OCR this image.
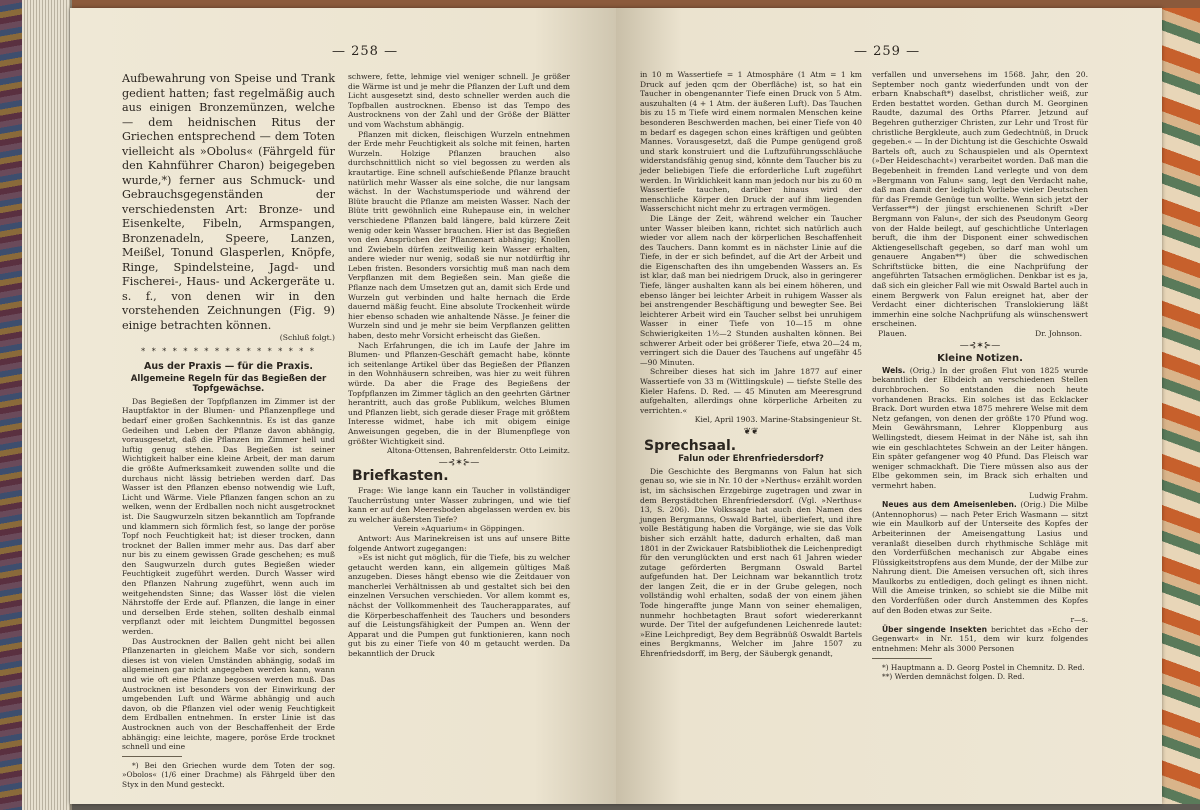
— 258 —

Aufbewahrung von Speise und Trank gedient hatten; fast regelmäßig auch aus einigen Bronzemünzen, welche — dem heidnischen Ritus der Griechen entsprechend — dem Toten vielleicht als »Obolus« (Fährgeld für den Kahnführer Charon) beigegeben wurde,*) ferner aus Schmuck- und Gebrauchsgegenständen der verschiedensten Art: Bronze- und Eisenkelte, Fibeln, Armspangen, Bronzenadeln, Speere, Lanzen, Meißel, Tonund Glasperlen, Knöpfe, Ringe, Spindelsteine, Jagd- und Fischerei-, Haus- und Ackergeräte u. s. f., von denen wir in den vorstehenden Zeichnungen (Fig. 9) einige betrachten können.

(Schluß folgt.)
* * * * * * * * * * * * * * * * *
Aus der Praxis — für die Praxis.
Allgemeine Regeln für das Begießen der Topfgewächse.

Das Begießen der Topfpflanzen im Zimmer ist der Hauptfaktor in der Blumen- und Pflanzenpflege und bedarf einer großen Sachkenntnis. Es ist das ganze Gedeihen und Leben der Pflanze davon abhängig, vorausgesetzt, daß die Pflanzen im Zimmer hell und luftig genug stehen. Das Begießen ist seiner Wichtigkeit halber eine kleine Arbeit, der man darum die größte Aufmerksamkeit zuwenden sollte und die durchaus nicht lässig betrieben werden darf. Das Wasser ist den Pflanzen ebenso notwendig wie Luft, Licht und Wärme. Viele Pflanzen fangen schon an zu welken, wenn der Erdballen noch nicht ausgetrocknet ist. Die Saugwurzeln sitzen bekanntlich am Topfrande und klammern sich förmlich fest, so lange der poröse Topf noch Feuchtigkeit hat; ist dieser trocken, dann trocknet der Ballen immer mehr aus. Das darf aber nur bis zu einem gewissen Grade geschehen; es muß den Saugwurzeln durch gutes Begießen wieder Feuchtigkeit zugeführt werden. Durch Wasser wird den Pflanzen Nahrung zugeführt, wenn auch im weitgehendsten Sinne; das Wasser löst die vielen Nährstoffe der Erde auf. Pflanzen, die lange in einer und derselben Erde stehen, sollten deshalb einmal verpflanzt oder mit leichtem Dungmittel begossen werden.

Das Austrocknen der Ballen geht nicht bei allen Pflanzenarten in gleichem Maße vor sich, sondern dieses ist von vielen Umständen abhängig, sodaß im allgemeinen gar nicht angegeben werden kann, wann und wie oft eine Pflanze begossen werden muß. Das Austrocknen ist besonders von der Einwirkung der umgebenden Luft und Wärme abhängig und auch davon, ob die Pflanzen viel oder wenig Feuchtigkeit dem Erdballen entnehmen. In erster Linie ist das Austrocknen auch von der Beschaffenheit der Erde abhängig: eine leichte, magere, poröse Erde trocknet schnell und eine

*) Bei den Griechen wurde dem Toten der sog. »Obolos« (1/6 einer Drachme) als Fährgeld über den Styx in den Mund gesteckt.

schwere, fette, lehmige viel weniger schnell. Je größer die Wärme ist und je mehr die Pflanzen der Luft und dem Licht ausgesetzt sind, desto schneller werden auch die Topfballen austrocknen. Ebenso ist das Tempo des Austrocknens von der Zahl und der Größe der Blätter und vom Wachstum abhängig.

Pflanzen mit dicken, fleischigen Wurzeln entnehmen der Erde mehr Feuchtigkeit als solche mit feinen, harten Wurzeln. Holzige Pflanzen brauchen also durchschnittlich nicht so viel begossen zu werden als krautartige. Eine schnell aufschießende Pflanze braucht natürlich mehr Wasser als eine solche, die nur langsam wächst. In der Wachstumsperiode und während der Blüte braucht die Pflanze am meisten Wasser. Nach der Blüte tritt gewöhnlich eine Ruhepause ein, in welcher verschiedene Pflanzen bald längere, bald kürzere Zeit wenig oder kein Wasser brauchen. Hier ist das Begießen von den Ansprüchen der Pflanzenart abhängig; Knollen und Zwiebeln dürfen zeitweilig kein Wasser erhalten, andere wieder nur wenig, sodaß sie nur notdürftig ihr Leben fristen. Besonders vorsichtig muß man nach dem Verpflanzen mit dem Begießen sein. Man gieße die Pflanze nach dem Umsetzen gut an, damit sich Erde und Wurzeln gut verbinden und halte hernach die Erde dauernd mäßig feucht. Eine absolute Trockenheit würde hier ebenso schaden wie anhaltende Nässe. Je feiner die Wurzeln sind und je mehr sie beim Verpflanzen gelitten haben, desto mehr Vorsicht erheischt das Gießen.

Nach Erfahrungen, die ich im Laufe der Jahre im Blumen- und Pflanzen-Geschäft gemacht habe, könnte ich seitenlange Artikel über das Begießen der Pflanzen in den Wohnhäusern schreiben, was hier zu weit führen würde. Da aber die Frage des Begießens der Topfpflanzen im Zimmer täglich an den geehrten Gärtner herantritt, auch das große Publikum, welches Blumen und Pflanzen liebt, sich gerade dieser Frage mit größtem Interesse widmet, habe ich mit obigem einige Anweisungen gegeben, die in der Blumenpflege von größter Wichtigkeit sind.

Altona-Ottensen, Bahrenfelderstr. Otto Leimitz.
—⊰✶⊱—
Briefkasten.

Frage: Wie lange kann ein Taucher in vollständiger Taucherrüstung unter Wasser zubringen, und wie tief kann er auf den Meeresboden abgelassen werden ev. bis zu welcher äußersten Tiefe?

Verein »Aquarium« in Göppingen.

Antwort: Aus Marinekreisen ist uns auf unsere Bitte folgende Antwort zugegangen:

»Es ist nicht gut möglich, für die Tiefe, bis zu welcher getaucht werden kann, ein allgemein gültiges Maß anzugeben. Dieses hängt ebenso wie die Zeitdauer von mancherlei Verhältnissen ab und gestaltet sich bei den einzelnen Versuchen verschieden. Vor allem kommt es, nächst der Vollkommenheit des Taucherapparates, auf die Körperbeschaffenheit des Tauchers und besonders auf die Leistungsfähigkeit der Pumpen an. Wenn der Apparat und die Pumpen gut funktionieren, kann noch gut bis zu einer Tiefe von 40 m getaucht werden. Da bekanntlich der Druck

— 259 —

in 10 m Wassertiefe = 1 Atmosphäre (1 Atm = 1 km Druck auf jeden qcm der Oberfläche) ist, so hat ein Taucher in obengenannter Tiefe einen Druck von 5 Atm. auszuhalten (4 + 1 Atm. der äußeren Luft). Das Tauchen bis zu 15 m Tiefe wird einem normalen Menschen keine besonderen Beschwerden machen, bei einer Tiefe von 40 m bedarf es dagegen schon eines kräftigen und geübten Mannes. Vorausgesetzt, daß die Pumpe genügend groß und stark konstruiert und die Luftzuführungsschläuche widerstandsfähig genug sind, könnte dem Taucher bis zu jeder beliebigen Tiefe die erforderliche Luft zugeführt werden. In Wirklichkeit kann man jedoch nur bis zu 60 m Wassertiefe tauchen, darüber hinaus wird der menschliche Körper den Druck der auf ihm liegenden Wasserschicht nicht mehr zu ertragen vermögen.

Die Länge der Zeit, während welcher ein Taucher unter Wasser bleiben kann, richtet sich natürlich auch wieder vor allem nach der körperlichen Beschaffenheit des Tauchers. Dann kommt es in nächster Linie auf die Tiefe, in der er sich befindet, auf die Art der Arbeit und die Eigenschaften des ihn umgebenden Wassers an. Es ist klar, daß man bei niedrigem Druck, also in geringerer Tiefe, länger aushalten kann als bei einem höheren, und ebenso länger bei leichter Arbeit in ruhigem Wasser als bei anstrengender Beschäftigung und bewegter See. Bei leichterer Arbeit wird ein Taucher selbst bei unruhigem Wasser in einer Tiefe von 10—15 m ohne Schwierigkeiten 1½—2 Stunden aushalten können. Bei schwerer Arbeit oder bei größerer Tiefe, etwa 20—24 m, verringert sich die Dauer des Tauchens auf ungefähr 45—90 Minuten.

Schreiber dieses hat sich im Jahre 1877 auf einer Wassertiefe von 33 m (Wittlingskule) — tiefste Stelle des Kieler Hafens. D. Red. — 45 Minuten am Meeresgrund aufgehalten, allerdings ohne körperliche Arbeiten zu verrichten.«

Kiel, April 1903. Marine-Stabsingenieur St.
❦❦
Sprechsaal.
Falun oder Ehrenfriedersdorf?

Die Geschichte des Bergmanns von Falun hat sich genau so, wie sie in Nr. 10 der »Nerthus« erzählt worden ist, im sächsischen Erzgebirge zugetragen und zwar in dem Bergstädtchen Ehrenfriedersdorf. (Vgl. »Nerthus« 13, S. 206). Die Volkssage hat auch den Namen des jungen Bergmanns, Oswald Bartel, überliefert, und ihre volle Bestätigung haben die Vorgänge, wie sie das Volk bisher sich erzählt hatte, dadurch erhalten, daß man 1801 in der Zwickauer Ratsbibliothek die Leichenpredigt für den verunglückten und erst nach 61 Jahren wieder zutage geförderten Bergmann Oswald Bartel aufgefunden hat. Der Leichnam war bekanntlich trotz der langen Zeit, die er in der Grube gelegen, noch vollständig wohl erhalten, sodaß der von einem jähen Tode hingeraffte junge Mann von seiner ehemaligen, nunmehr hochbetagten Braut sofort wiedererkannt wurde. Der Titel der aufgefundenen Leichenrede lautet: »Eine Leichpredigt, Bey dem Begräbnüß Oswaldt Bartels eines Bergkmanns, Welcher im Jahre 1507 zu Ehrenfriedsdorff, im Berg, der Säubergk genandt,

verfallen und unversehens im 1568. Jahr, den 20. September noch gantz wiederfunden undt von der erbarn Knabschaft*) daselbst, christlicher weiß, zur Erden bestattet worden. Gethan durch M. Georginen Raudte, dazumal des Orths Pfarrer. Jetzund auf Begehren gutherziger Christen, zur Lehr und Trost für christliche Bergkleute, auch zum Gedechtnüß, in Druck gegeben.« — In der Dichtung ist die Geschichte Oswald Bartels oft, auch zu Schauspielen und als Operntext (»Der Heideschacht«) verarbeitet worden. Daß man die Begebenheit in fremden Land verlegte und von dem »Bergmann von Falun« sang, legt den Verdacht nahe, daß man damit der lediglich Vorliebe vieler Deutschen für das Fremde Genüge tun wollte. Wenn sich jetzt der Verfasser**) der jüngst erschienenen Schrift »Der Bergmann von Falun«, der sich des Pseudonym Georg von der Halde beilegt, auf geschichtliche Unterlagen beruft, die ihm der Disponent einer schwedischen Aktiengesellschaft gegeben, so darf man wohl um genauere Angaben**) über die schwedischen Schriftstücke bitten, die eine Nachprüfung der angeführten Tatsachen ermöglichen. Denkbar ist es ja, daß sich ein gleicher Fall wie mit Oswald Bartel auch in einem Bergwerk von Falun ereignet hat, aber der Verdacht einer dichterischen Translokierung läßt immerhin eine solche Nachprüfung als wünschenswert erscheinen.

Plauen.	Dr. Johnson.
—⊰✶⊱—
Kleine Notizen.

Wels. (Orig.) In der großen Flut von 1825 wurde bekanntlich der Elbdeich an verschiedenen Stellen durchbrochen. So entstanden die noch heute vorhandenen Bracks. Ein solches ist das Ecklacker Brack. Dort wurden etwa 1875 mehrere Welse mit dem Netz gefangen, von denen der größte 170 Pfund wog. Mein Gewährsmann, Lehrer Kloppenburg aus Wellingstedt, diesem Heimat in der Nähe ist, sah ihn wie ein geschlachtetes Schwein an der Leiter hängen. Ein später gefangener wog 40 Pfund. Das Fleisch war weniger schmackhaft. Die Tiere müssen also aus der Elbe gekommen sein, im Brack sich erhalten und vermehrt haben.

Ludwig Frahm.

Neues aus dem Ameisenleben. (Orig.) Die Milbe (Antennophorus) — nach Peter Erich Wasmann — sitzt wie ein Maulkorb auf der Unterseite des Kopfes der Arbeiterinnen der Ameisengattung Lasius und veranlaßt dieselben durch rhythmische Schläge mit den Vorderfüßchen mechanisch zur Abgabe eines Flüssigkeitstropfens aus dem Munde, der der Milbe zur Nahrung dient. Die Ameisen versuchen oft, sich ihres Maulkorbs zu entledigen, doch gelingt es ihnen nicht. Will die Ameise trinken, so schiebt sie die Milbe mit den Vorderfüßen oder durch Anstemmen des Kopfes auf den Boden etwas zur Seite.

r—s.

Über singende Insekten berichtet das »Echo der Gegenwart« in Nr. 151, dem wir kurz folgendes entnehmen: Mehr als 3000 Personen

*) Hauptmann a. D. Georg Postel in Chemnitz. D. Red.

**) Werden demnächst folgen. D. Red.
